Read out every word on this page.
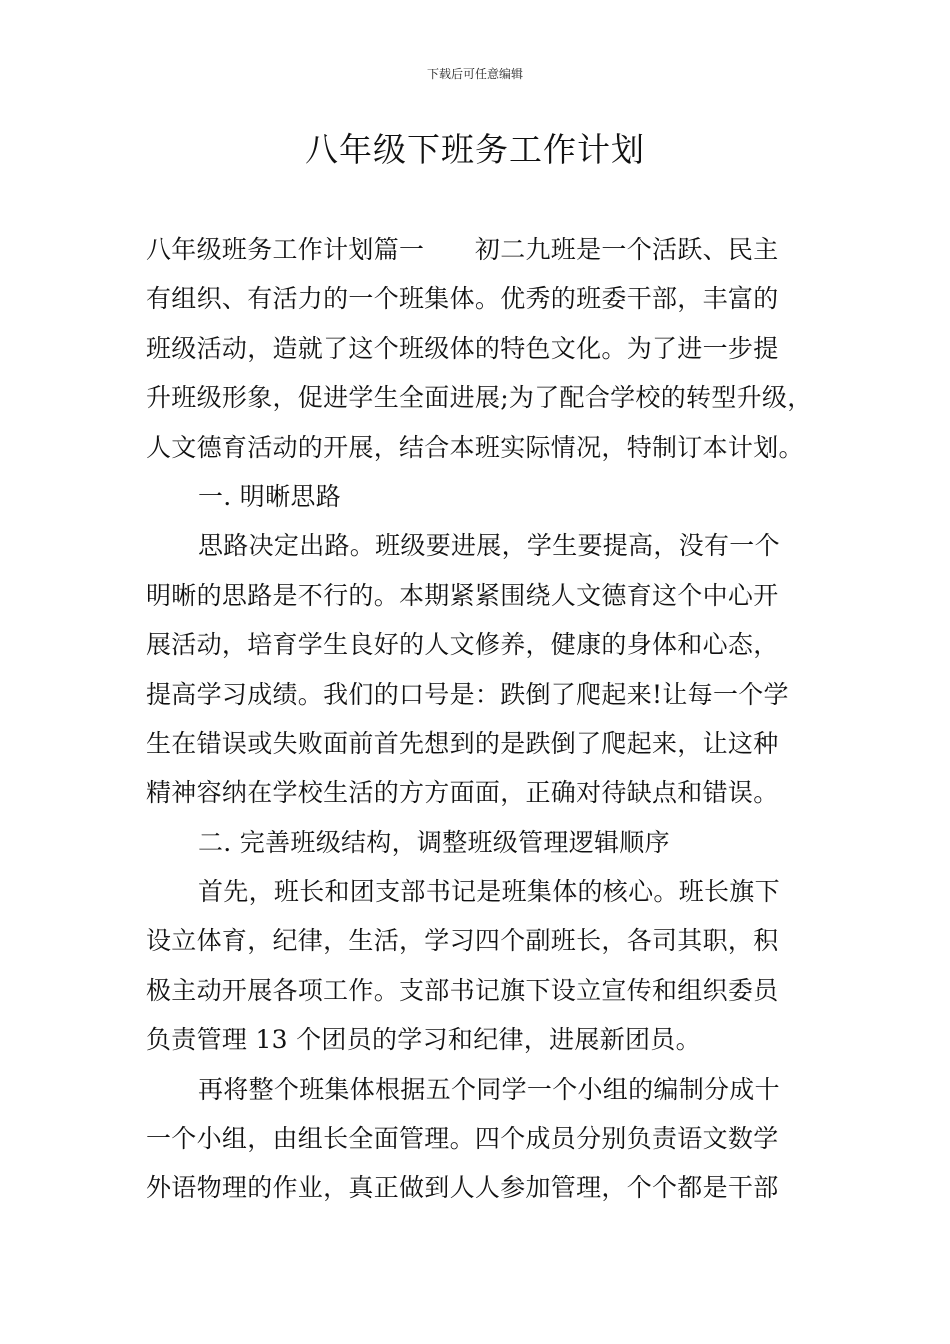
下载后可任意编辑
八年级下班务工作计划

八年级班务工作计划篇一　　初二九班是一个活跃、民主

有组织、有活力的一个班集体。优秀的班委干部，丰富的

班级活动，造就了这个班级体的特色文化。为了进一步提

升班级形象，促进学生全面进展;为了配合学校的转型升级，

人文德育活动的开展，结合本班实际情况，特制订本计划。

一. 明晰思路

思路决定出路。班级要进展，学生要提高，没有一个

明晰的思路是不行的。本期紧紧围绕人文德育这个中心开

展活动，培育学生良好的人文修养，健康的身体和心态，

提高学习成绩。我们的口号是：跌倒了爬起来!让每一个学

生在错误或失败面前首先想到的是跌倒了爬起来，让这种

精神容纳在学校生活的方方面面，正确对待缺点和错误。

二. 完善班级结构，调整班级管理逻辑顺序

首先，班长和团支部书记是班集体的核心。班长旗下

设立体育，纪律，生活，学习四个副班长，各司其职，积

极主动开展各项工作。支部书记旗下设立宣传和组织委员

负责管理 13 个团员的学习和纪律，进展新团员。

再将整个班集体根据五个同学一个小组的编制分成十

一个小组，由组长全面管理。四个成员分别负责语文数学

外语物理的作业，真正做到人人参加管理，个个都是干部
